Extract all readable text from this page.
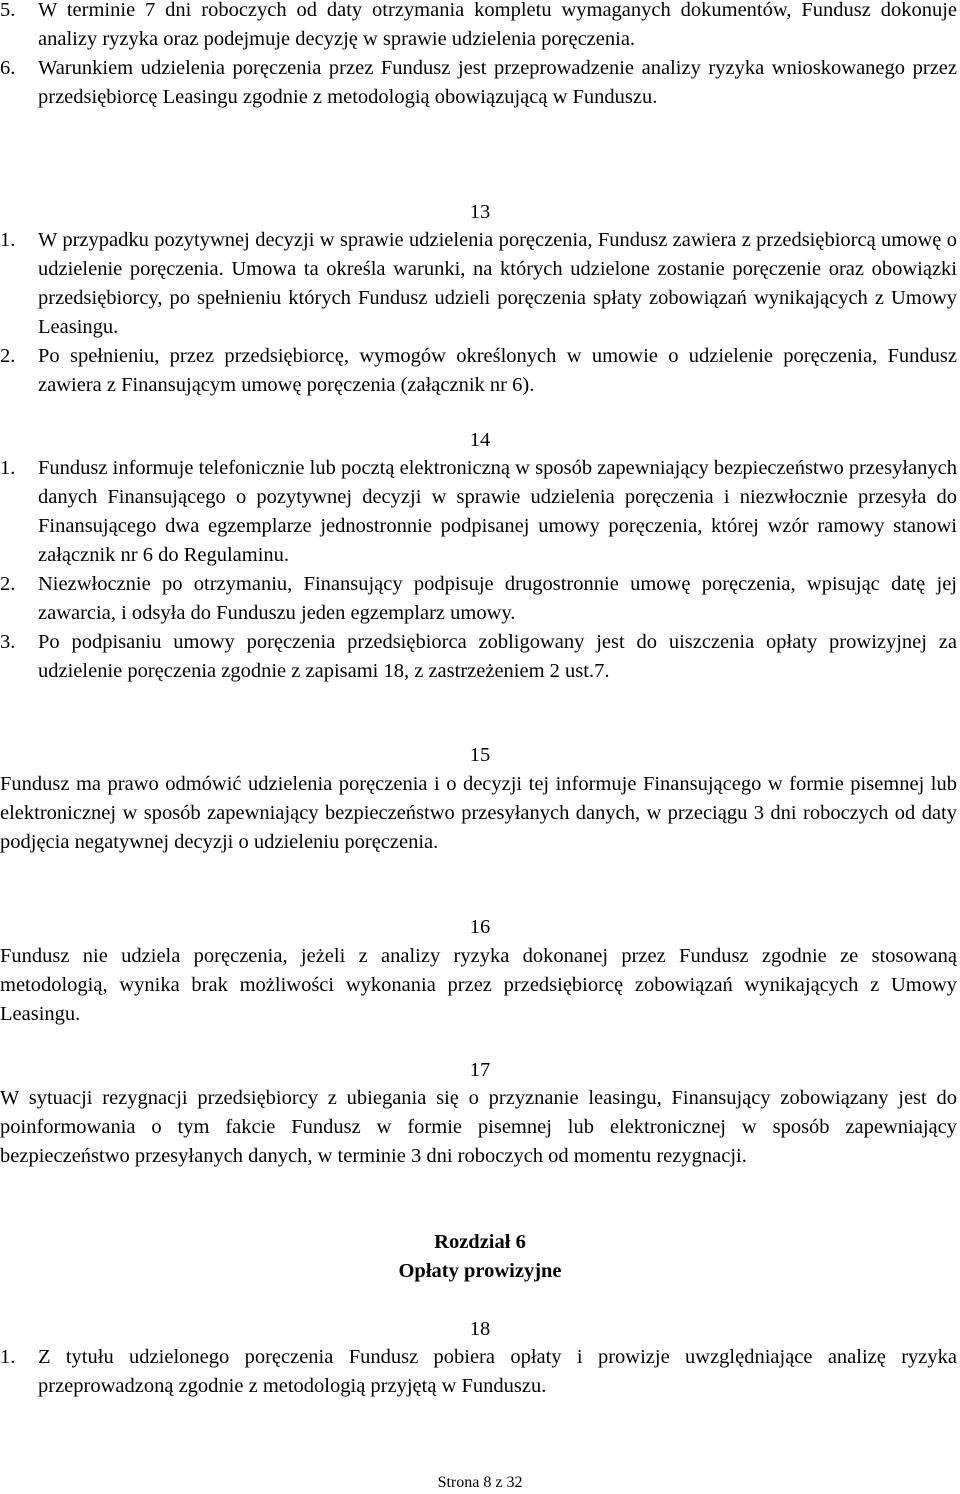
5. W terminie 7 dni roboczych od daty otrzymania kompletu wymaganych dokumentów, Fundusz dokonuje analizy ryzyka oraz podejmuje decyzję w sprawie udzielenia poręczenia.
6. Warunkiem udzielenia poręczenia przez Fundusz jest przeprowadzenie analizy ryzyka wnioskowanego przez przedsiębiorcę Leasingu zgodnie z metodologią obowiązującą w Funduszu.
13
1. W przypadku pozytywnej decyzji w sprawie udzielenia poręczenia, Fundusz zawiera z przedsiębiorcą umowę o udzielenie poręczenia. Umowa ta określa warunki, na których udzielone zostanie poręczenie oraz obowiązki przedsiębiorcy, po spełnieniu których Fundusz udzieli poręczenia spłaty zobowiązań wynikających z Umowy Leasingu.
2. Po spełnieniu, przez przedsiębiorcę, wymogów określonych w umowie o udzielenie poręczenia, Fundusz zawiera z Finansującym umowę poręczenia (załącznik nr 6).
14
1. Fundusz informuje telefonicznie lub pocztą elektroniczną w sposób zapewniający bezpieczeństwo przesyłanych danych Finansującego o pozytywnej decyzji w sprawie udzielenia poręczenia i niezwłocznie przesyła do Finansującego dwa egzemplarze jednostronnie podpisanej umowy poręczenia, której wzór ramowy stanowi załącznik nr 6 do Regulaminu.
2. Niezwłocznie po otrzymaniu, Finansujący podpisuje drugostronnie umowę poręczenia, wpisując datę jej zawarcia, i odsyła do Funduszu jeden egzemplarz umowy.
3. Po podpisaniu umowy poręczenia przedsiębiorca zobligowany jest do uiszczenia opłaty prowizyjnej za udzielenie poręczenia zgodnie z zapisami 18, z zastrzeżeniem 2 ust.7.
15
Fundusz ma prawo odmówić udzielenia poręczenia i o decyzji tej informuje Finansującego w formie pisemnej lub elektronicznej w sposób zapewniający bezpieczeństwo przesyłanych danych, w przeciągu 3 dni roboczych od daty podjęcia negatywnej decyzji o udzieleniu poręczenia.
16
Fundusz nie udziela poręczenia, jeżeli z analizy ryzyka dokonanej przez Fundusz zgodnie ze stosowaną metodologią, wynika brak możliwości wykonania przez przedsiębiorcę zobowiązań wynikających z Umowy Leasingu.
17
W sytuacji rezygnacji przedsiębiorcy z ubiegania się o przyznanie leasingu, Finansujący zobowiązany jest do poinformowania o tym fakcie Fundusz w formie pisemnej lub elektronicznej w sposób zapewniający bezpieczeństwo przesyłanych danych, w terminie 3 dni roboczych od momentu rezygnacji.
Rozdział 6
Opłaty prowizyjne
18
1. Z tytułu udzielonego poręczenia Fundusz pobiera opłaty i prowizje uwzględniające analizę ryzyka przeprowadzoną zgodnie z metodologią przyjętą w Funduszu.
Strona 8 z 32
